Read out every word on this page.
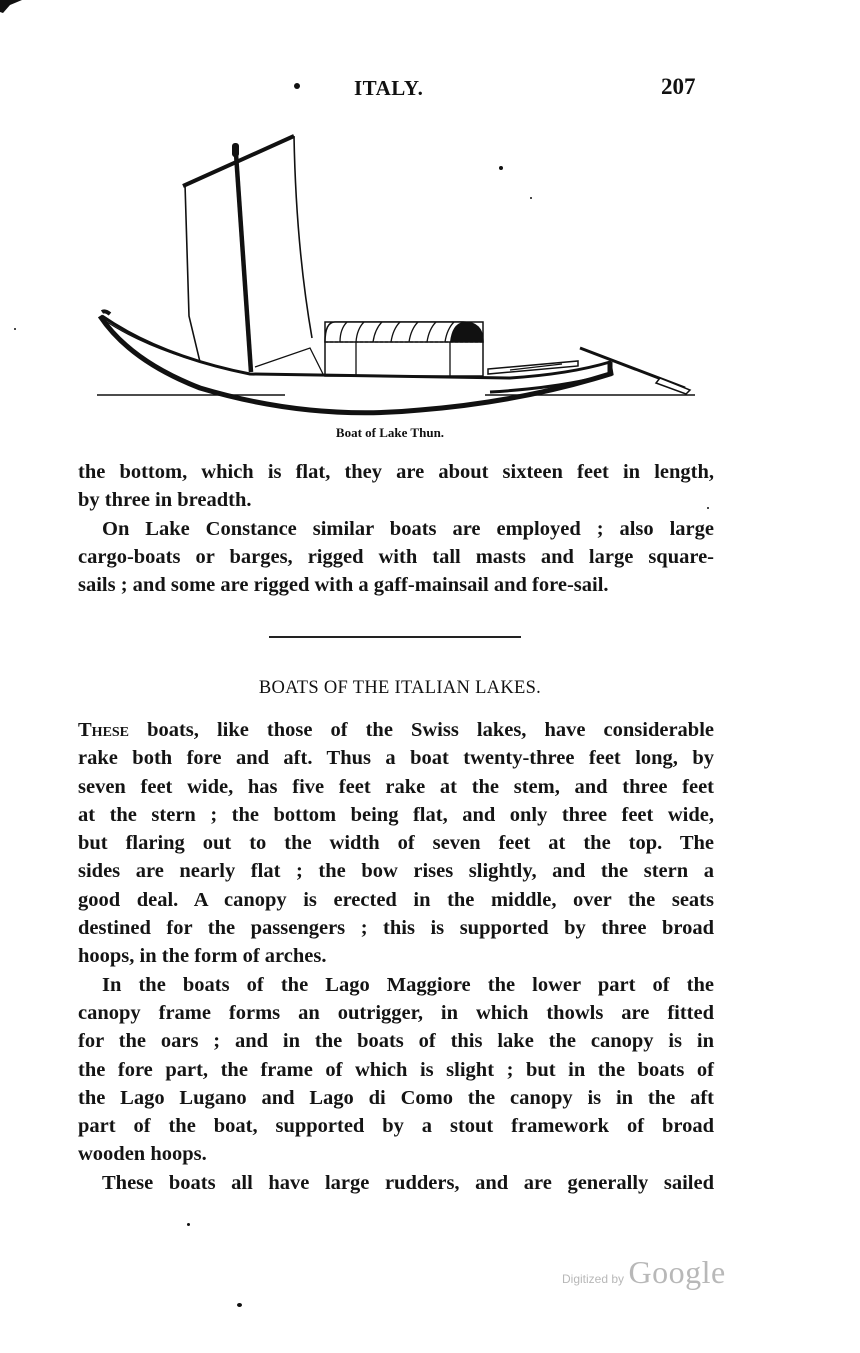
ITALY.	207
Boat of Lake Thun.
the bottom, which is flat, they are about sixteen feet in length,
by three in breadth.
On Lake Constance similar boats are employed ; also large
cargo-boats or barges, rigged with tall masts and large square-
sails ; and some are rigged with a gaff-mainsail and fore-sail.
BOATS OF THE ITALIAN LAKES.
These boats, like those of the Swiss lakes, have considerable
rake both fore and aft. Thus a boat twenty-three feet long, by
seven feet wide, has five feet rake at the stem, and three feet
at the stern ; the bottom being flat, and only three feet wide,
but flaring out to the width of seven feet at the top. The
sides are nearly flat ; the bow rises slightly, and the stern a
good deal. A canopy is erected in the middle, over the seats
destined for the passengers ; this is supported by three broad
hoops, in the form of arches.
In the boats of the Lago Maggiore the lower part of the
canopy frame forms an outrigger, in which thowls are fitted
for the oars ; and in the boats of this lake the canopy is in
the fore part, the frame of which is slight ; but in the boats of
the Lago Lugano and Lago di Como the canopy is in the aft
part of the boat, supported by a stout framework of broad
wooden hoops.
These boats all have large rudders, and are generally sailed
Digitized by Google
